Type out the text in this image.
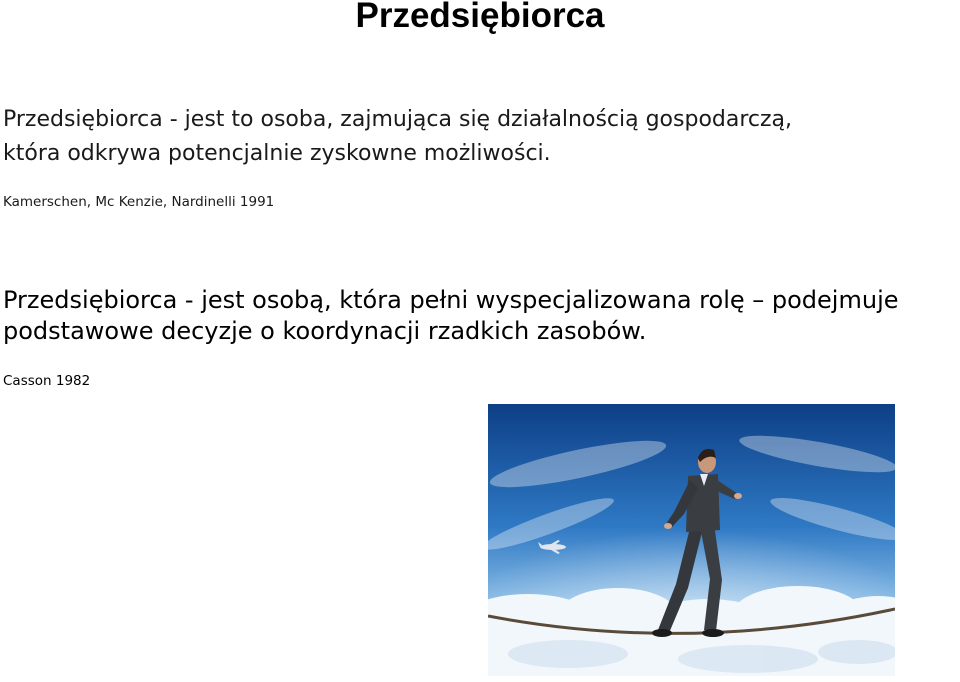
Przedsiębiorca
Przedsiębiorca - jest to osoba, zajmująca się działalnością gospodarczą,
która odkrywa potencjalnie zyskowne możliwości.
Kamerschen, Mc Kenzie, Nardinelli 1991
Przedsiębiorca - jest osobą, która pełni wyspecjalizowana rolę – podejmuje
podstawowe decyzje o koordynacji rzadkich zasobów.
Casson 1982
